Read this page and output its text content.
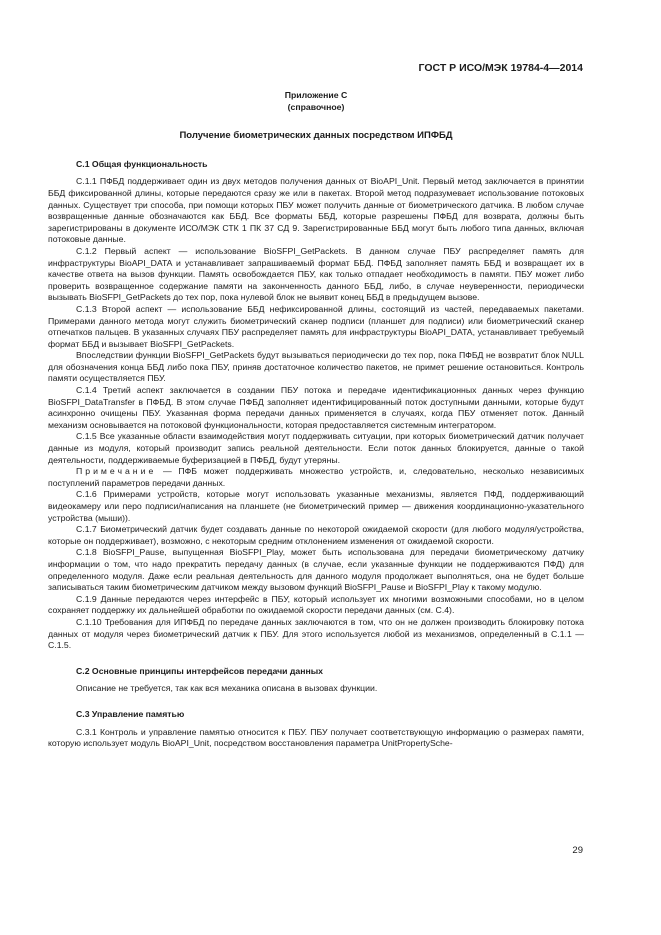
ГОСТ Р ИСО/МЭК 19784-4—2014
Приложение С
(справочное)
Получение биометрических данных посредством ИПФБД
С.1 Общая функциональность

С.1.1 ПФБД поддерживает один из двух методов получения данных от BioAPI_Unit. Первый метод заключается в принятии ББД фиксированной длины, которые передаются сразу же или в пакетах. Второй метод подразумевает использование потоковых данных. Существует три способа, при помощи которых ПБУ может получить данные от биометрического датчика. В любом случае возвращенные данные обозначаются как ББД. Все форматы ББД, которые разрешены ПФБД для возврата, должны быть зарегистрированы в документе ИСО/МЭК СТК 1 ПК 37 СД 9. Зарегистрированные ББД могут быть любого типа данных, включая потоковые данные.

С.1.2 Первый аспект — использование BioSFPI_GetPackets. В данном случае ПБУ распределяет память для инфраструктуры BioAPI_DATA и устанавливает запрашиваемый формат ББД. ПФБД заполняет память ББД и возвращает их в качестве ответа на вызов функции. Память освобождается ПБУ, как только отпадает необходимость в памяти. ПБУ может либо проверить возвращенное содержание памяти на законченность данного ББД, либо, в случае неуверенности, периодически вызывать BioSFPI_GetPackets до тех пор, пока нулевой блок не выявит конец ББД в предыдущем вызове.

С.1.3 Второй аспект — использование ББД нефиксированной длины, состоящий из частей, передаваемых пакетами. Примерами данного метода могут служить биометрический сканер подписи (планшет для подписи) или биометрический сканер отпечатков пальцев. В указанных случаях ПБУ распределяет память для инфраструктуры BioAPI_DATA, устанавливает требуемый формат ББД и вызывает BioSFPI_GetPackets.

Впоследствии функции BioSFPI_GetPackets будут вызываться периодически до тех пор, пока ПФБД не возвратит блок NULL для обозначения конца ББД либо пока ПБУ, приняв достаточное количество пакетов, не примет решение остановиться. Контроль памяти осуществляется ПБУ.

С.1.4 Третий аспект заключается в создании ПБУ потока и передаче идентификационных данных через функцию BioSFPI_DataTransfer в ПФБД. В этом случае ПФБД заполняет идентифицированный поток доступными данными, которые будут асинхронно очищены ПБУ. Указанная форма передачи данных применяется в случаях, когда ПБУ отменяет поток. Данный механизм основывается на потоковой функциональности, которая предоставляется системным интегратором.

С.1.5 Все указанные области взаимодействия могут поддерживать ситуации, при которых биометрический датчик получает данные из модуля, который производит запись реальной деятельности. Если поток данных блокируется, данные о такой деятельности, поддерживаемые буферизацией в ПФБД, будут утеряны.

Примечание — ПФБ может поддерживать множество устройств, и, следовательно, несколько независимых поступлений параметров передачи данных.

С.1.6 Примерами устройств, которые могут использовать указанные механизмы, является ПФД, поддерживающий видеокамеру или перо подписи/написания на планшете (не биометрический пример — движения координационно-указательного устройства (мыши)).

С.1.7 Биометрический датчик будет создавать данные по некоторой ожидаемой скорости (для любого модуля/устройства, которые он поддерживает), возможно, с некоторым средним отклонением изменения от ожидаемой скорости.

С.1.8 BioSFPI_Pause, выпущенная BioSFPI_Play, может быть использована для передачи биометрическому датчику информации о том, что надо прекратить передачу данных (в случае, если указанные функции не поддерживаются ПФД) для определенного модуля. Даже если реальная деятельность для данного модуля продолжает выполняться, она не будет больше записываться таким биометрическим датчиком между вызовом функций BioSFPI_Pause и BioSFPI_Play к такому модулю.

С.1.9 Данные передаются через интерфейс в ПБУ, который использует их многими возможными способами, но в целом сохраняет поддержку их дальнейшей обработки по ожидаемой скорости передачи данных (см. С.4).

С.1.10 Требования для ИПФБД по передаче данных заключаются в том, что он не должен производить блокировку потока данных от модуля через биометрический датчик к ПБУ. Для этого используется любой из механизмов, определенный в С.1.1 — С.1.5.

С.2 Основные принципы интерфейсов передачи данных

Описание не требуется, так как вся механика описана в вызовах функции.

С.3 Управление памятью

С.3.1 Контроль и управление памятью относится к ПБУ. ПБУ получает соответствующую информацию о размерах памяти, которую использует модуль BioAPI_Unit, посредством восстановления параметра UnitPropertySche-

29
